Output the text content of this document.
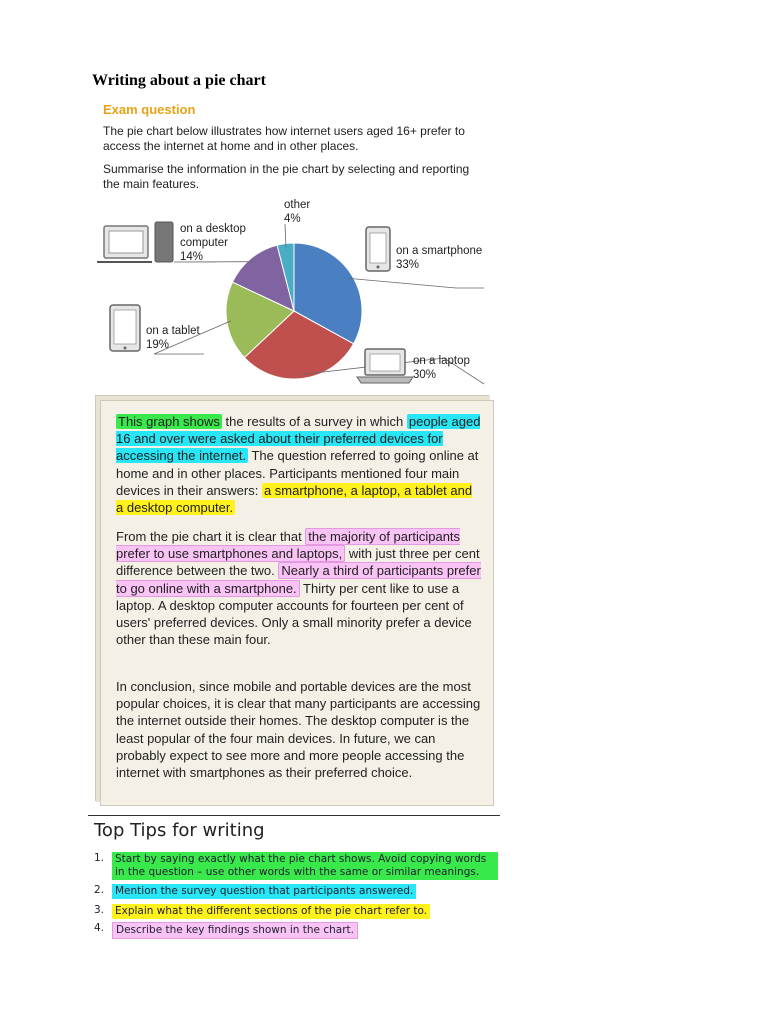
Writing about a pie chart
Exam question
The pie chart below illustrates how internet users aged 16+ prefer to access the internet at home and in other places.
Summarise the information in the pie chart by selecting and reporting the main features.
on a smartphone
33%
on a laptop
30%
on a tablet
19%
on a desktop
computer
14%
other
4%
This graph shows the results of a survey in which people aged 16 and over were asked about their preferred devices for accessing the internet. The question referred to going online at home and in other places. Participants mentioned four main devices in their answers: a smartphone, a laptop, a tablet and a desktop computer.
From the pie chart it is clear that the majority of participants prefer to use smartphones and laptops, with just three per cent difference between the two. Nearly a third of participants prefer to go online with a smartphone. Thirty per cent like to use a laptop. A desktop computer accounts for fourteen per cent of users' preferred devices. Only a small minority prefer a device other than these main four.
In conclusion, since mobile and portable devices are the most popular choices, it is clear that many participants are accessing the internet outside their homes. The desktop computer is the least popular of the four main devices. In future, we can probably expect to see more and more people accessing the internet with smartphones as their preferred choice.
Top Tips for writing
1. Start by saying exactly what the pie chart shows. Avoid copying words in the question – use other words with the same or similar meanings.
2. Mention the survey question that participants answered.
3. Explain what the different sections of the pie chart refer to.
4. Describe the key findings shown in the chart.
